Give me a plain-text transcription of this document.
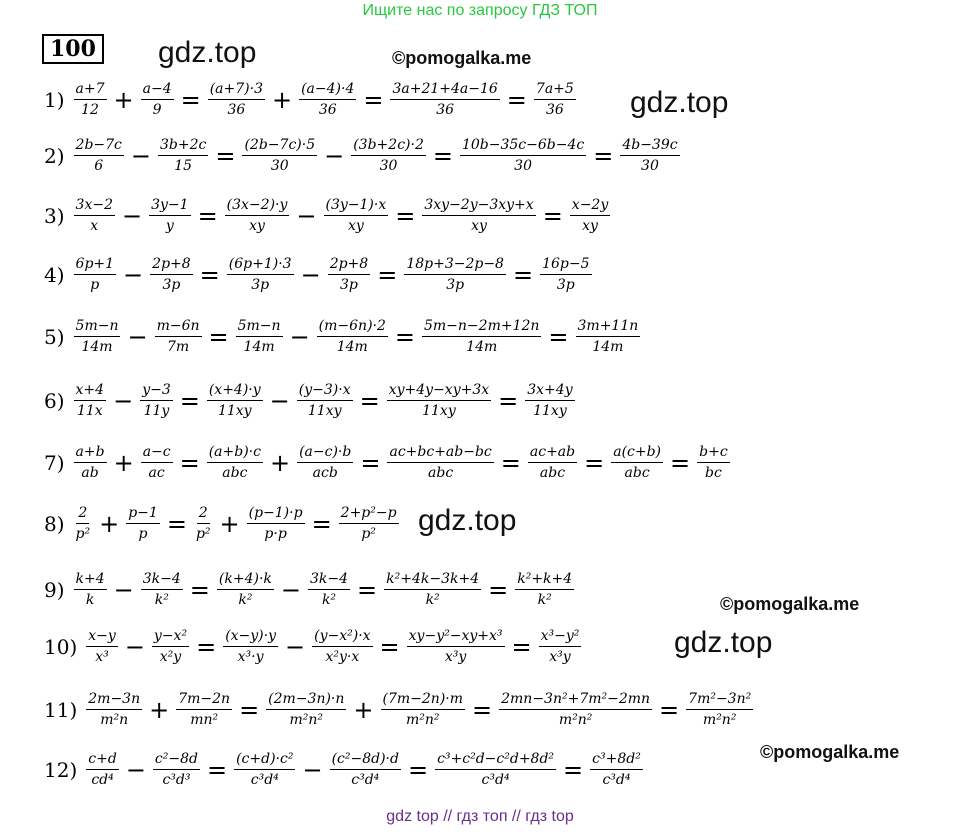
Ищите нас по запросу ГДЗ ТОП
100 gdz.top	©pomogalka.me
gdz.top
gdz.top
©pomogalka.me
gdz.top
©pomogalka.me
$1) \frac{a+7}{12} + \frac{a-4}{9} = \frac{(a+7)\cdot 3}{36} + \frac{(a-4)\cdot 4}{36} = \frac{3a+21+4a-16}{36} = \frac{7a+5}{36}$
$2) \frac{2b-7c}{6} - \frac{3b+2c}{15} = \frac{(2b-7c)\cdot 5}{30} - \frac{(3b+2c)\cdot 2}{30} = \frac{10b-35c-6b-4c}{30} = \frac{4b-39c}{30}$
$3) \frac{3x-2}{x} - \frac{3y-1}{y} = \frac{(3x-2)\cdot y}{xy} - \frac{(3y-1)\cdot x}{xy} = \frac{3xy-2y-3xy+x}{xy} = \frac{x-2y}{xy}$
$4) \frac{6p+1}{p} - \frac{2p+8}{3p} = \frac{(6p+1)\cdot 3}{3p} - \frac{2p+8}{3p} = \frac{18p+3-2p-8}{3p} = \frac{16p-5}{3p}$
$5) \frac{5m-n}{14m} - \frac{m-6n}{7m} = \frac{5m-n}{14m} - \frac{(m-6n)\cdot 2}{14m} = \frac{5m-n-2m+12n}{14m} = \frac{3m+11n}{14m}$
$6) \frac{x+4}{11x} - \frac{y-3}{11y} = \frac{(x+4)\cdot y}{11xy} - \frac{(y-3)\cdot x}{11xy} = \frac{xy+4y-xy+3x}{11xy} = \frac{3x+4y}{11xy}$
$7) \frac{a+b}{ab} + \frac{a-c}{ac} = \frac{(a+b)\cdot c}{\text{abc}} + \frac{(a-c)\cdot b}{\text{acb}} = \frac{ac+bc+ab-bc}{\text{abc}} = \frac{ac+ab}{\text{abc}} = \frac{a(c+b)}{\text{abc}} = \frac{b+c}{bc}$
$8) \frac{2}{\text{p²}} + \frac{p-1}{p} = \frac{2}{\text{p²}} + \frac{(p-1)\cdot p}{p\cdot p} = \frac{\text{2+p²−p}}{\text{p²}}$
$9) \frac{k+4}{k} - \frac{3k-4}{\text{k²}} = \frac{(k+4)\cdot k}{\text{k²}} - \frac{3k-4}{\text{k²}} = \frac{\text{k²+4k−3k+4}}{\text{k²}} = \frac{\text{k²+k+4}}{\text{k²}}$
$10) \frac{x-y}{\text{x³}} - \frac{\text{y−x²}}{\text{x²y}} = \frac{(x-y)\cdot y}{\text{x³·y}} - \frac{\text{(y−x²)·x}}{\text{x²y·x}} = \frac{\text{xy−y²−xy+x³}}{\text{x³y}} = \frac{\text{x³−y²}}{\text{x³y}}$
$11) \frac{2m-3n}{\text{m²n}} + \frac{7m-2n}{\text{mn²}} = \frac{(2m-3n)\cdot n}{\text{m²n²}} + \frac{(7m-2n)\cdot m}{\text{m²n²}} = \frac{\text{2mn−3n²+7m²−2mn}}{\text{m²n²}} = \frac{\text{7m²−3n²}}{\text{m²n²}}$
$12) \frac{c+d}{\text{cd⁴}} - \frac{\text{c²−8d}}{\text{c³d³}} = \frac{\text{(c+d)·c²}}{\text{c³d⁴}} - \frac{\text{(c²−8d)·d}}{\text{c³d⁴}} = \frac{\text{c³+c²d−c²d+8d²}}{\text{c³d⁴}} = \frac{\text{c³+8d²}}{\text{c³d⁴}}$
gdz top // гдз топ // гдз top
